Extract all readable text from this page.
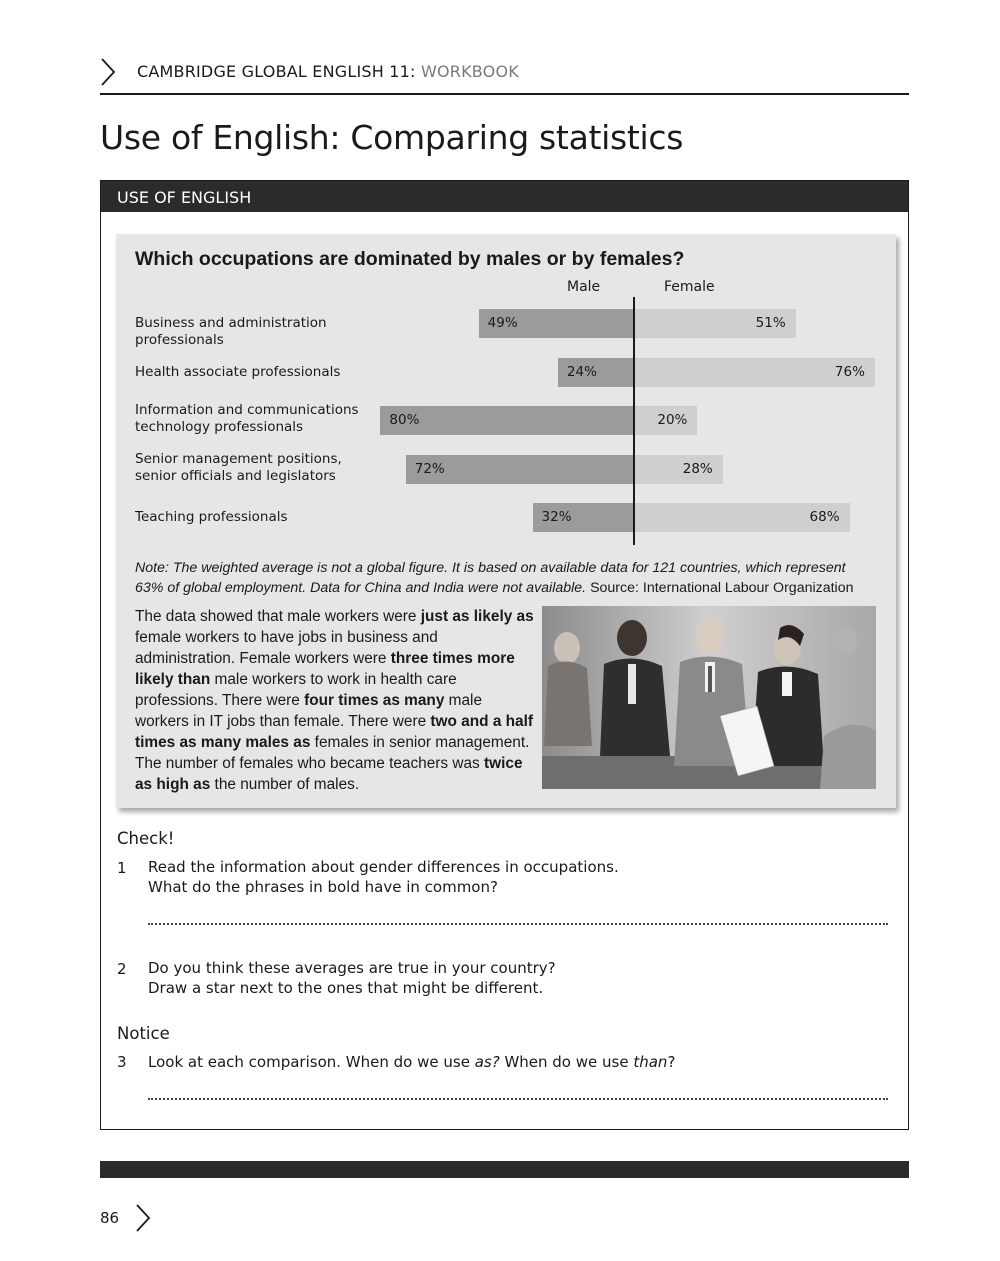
CAMBRIDGE GLOBAL ENGLISH 11: WORKBOOK
Use of English: Comparing statistics
USE OF ENGLISH
Which occupations are dominated by males or by females?
Male	Female
Business and administration professionals
49%	51%
Health associate professionals	24%	76%
Information and communications
technology professionals	80%	20%
Senior management positions,
senior officials and legislators	72%	28%
Teaching professionals	32%	68%
Note: The weighted average is not a global figure. It is based on available data for 121 countries, which represent 63% of global employment. Data for China and India were not available. Source: International Labour Organization

The data showed that male workers were just as likely as female workers to have jobs in business and administration. Female workers were three times more likely than male workers to work in health care professions. There were four times as many male workers in IT jobs than female. There were two and a half times as many males as females in senior management. The number of females who became teachers was twice as high as the number of males.

Check!
1 Read the information about gender differences in occupations.
What do the phrases in bold have in common?
2 Do you think these averages are true in your country?
Draw a star next to the ones that might be different.
Notice
3 Look at each comparison. When do we use as? When do we use than?
86
